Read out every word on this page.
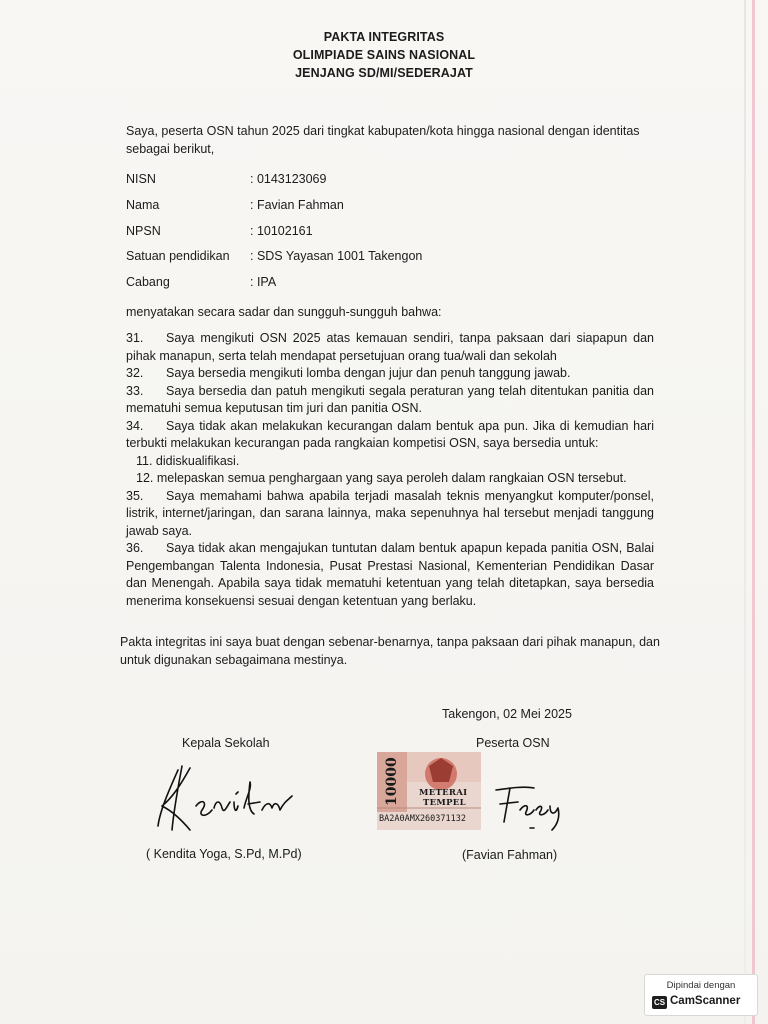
PAKTA INTEGRITAS
OLIMPIADE SAINS NASIONAL
JENJANG SD/MI/SEDERAJAT
Saya, peserta OSN tahun 2025 dari tingkat kabupaten/kota hingga nasional dengan identitas sebagai berikut,
NISN	: 0143123069
Nama	: Favian Fahman
NPSN	: 10102161
Satuan pendidikan : SDS Yayasan 1001 Takengon
Cabang	: IPA
menyatakan secara sadar dan sungguh-sungguh bahwa:
31. Saya mengikuti OSN 2025 atas kemauan sendiri, tanpa paksaan dari siapapun dan pihak manapun, serta telah mendapat persetujuan orang tua/wali dan sekolah
32. Saya bersedia mengikuti lomba dengan jujur dan penuh tanggung jawab.
33. Saya bersedia dan patuh mengikuti segala peraturan yang telah ditentukan panitia dan mematuhi semua keputusan tim juri dan panitia OSN.
34. Saya tidak akan melakukan kecurangan dalam bentuk apa pun. Jika di kemudian hari terbukti melakukan kecurangan pada rangkaian kompetisi OSN, saya bersedia untuk:
11. didiskualifikasi.
12. melepaskan semua penghargaan yang saya peroleh dalam rangkaian OSN tersebut.
35. Saya memahami bahwa apabila terjadi masalah teknis menyangkut komputer/ponsel, listrik, internet/jaringan, dan sarana lainnya, maka sepenuhnya hal tersebut menjadi tanggung jawab saya.
36. Saya tidak akan mengajukan tuntutan dalam bentuk apapun kepada panitia OSN, Balai Pengembangan Talenta Indonesia, Pusat Prestasi Nasional, Kementerian Pendidikan Dasar dan Menengah. Apabila saya tidak mematuhi ketentuan yang telah ditetapkan, saya bersedia menerima konsekuensi sesuai dengan ketentuan yang berlaku.
Pakta integritas ini saya buat dengan sebenar-benarnya, tanpa paksaan dari pihak manapun, dan untuk digunakan sebagaimana mestinya.
Takengon, 02 Mei 2025
Kepala Sekolah	Peserta OSN
10000 METERAI
TEMPEL
BA2A0AMX260371132
( Kendita Yoga, S.Pd, M.Pd)	(Favian Fahman)
Dipindai dengan
CS CamScanner
